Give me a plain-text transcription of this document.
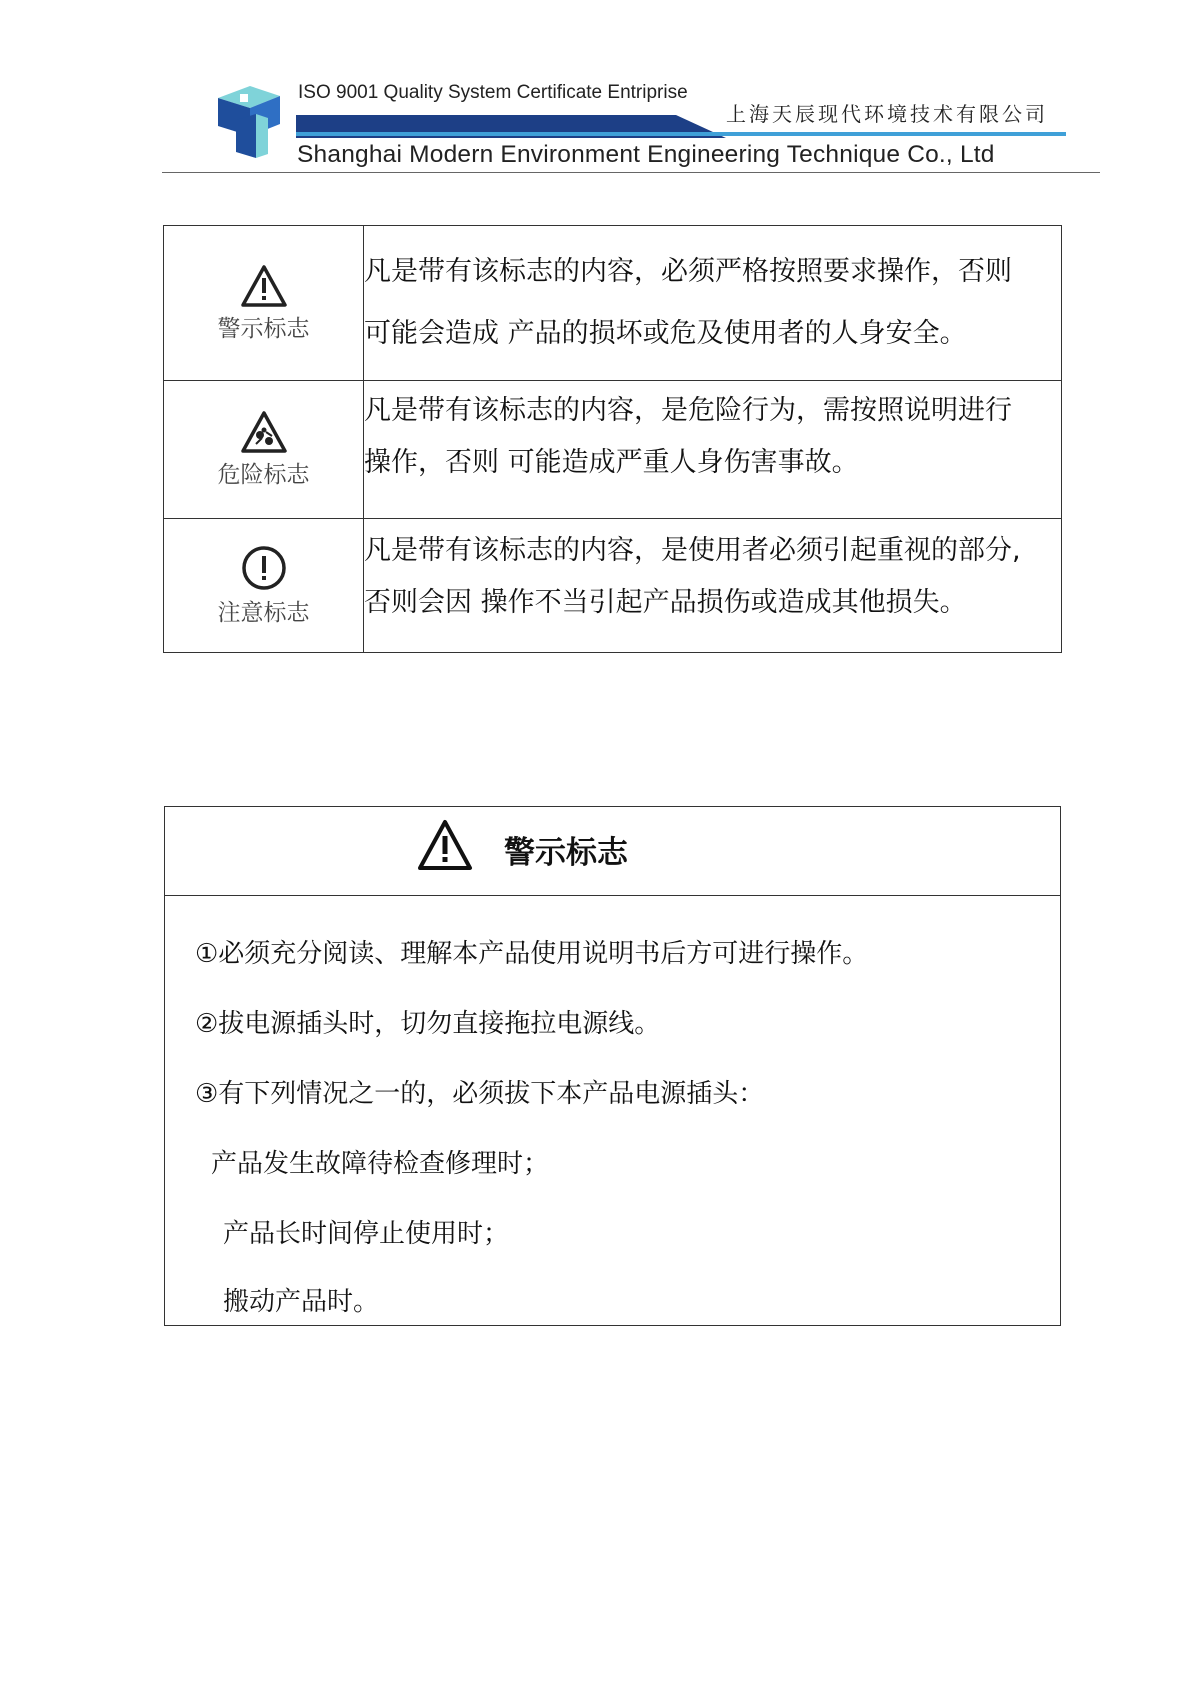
ISO 9001 Quality System Certificate Entriprise
上海天辰现代环境技术有限公司
Shanghai Modern Environment Engineering Technique Co., Ltd
警示标志	凡是带有该标志的内容，必须严格按照要求操作，否则
可能会造成 产品的损坏或危及使用者的人身安全。

危险标志	凡是带有该标志的内容，是危险行为，需按照说明进行
操作，否则 可能造成严重人身伤害事故。

注意标志	凡是带有该标志的内容，是使用者必须引起重视的部分,
否则会因 操作不当引起产品损伤或造成其他损失。
警示标志
①必须充分阅读、理解本产品使用说明书后方可进行操作。
②拔电源插头时，切勿直接拖拉电源线。
③有下列情况之一的，必须拔下本产品电源插头：
产品发生故障待检查修理时；
产品长时间停止使用时；
搬动产品时。
